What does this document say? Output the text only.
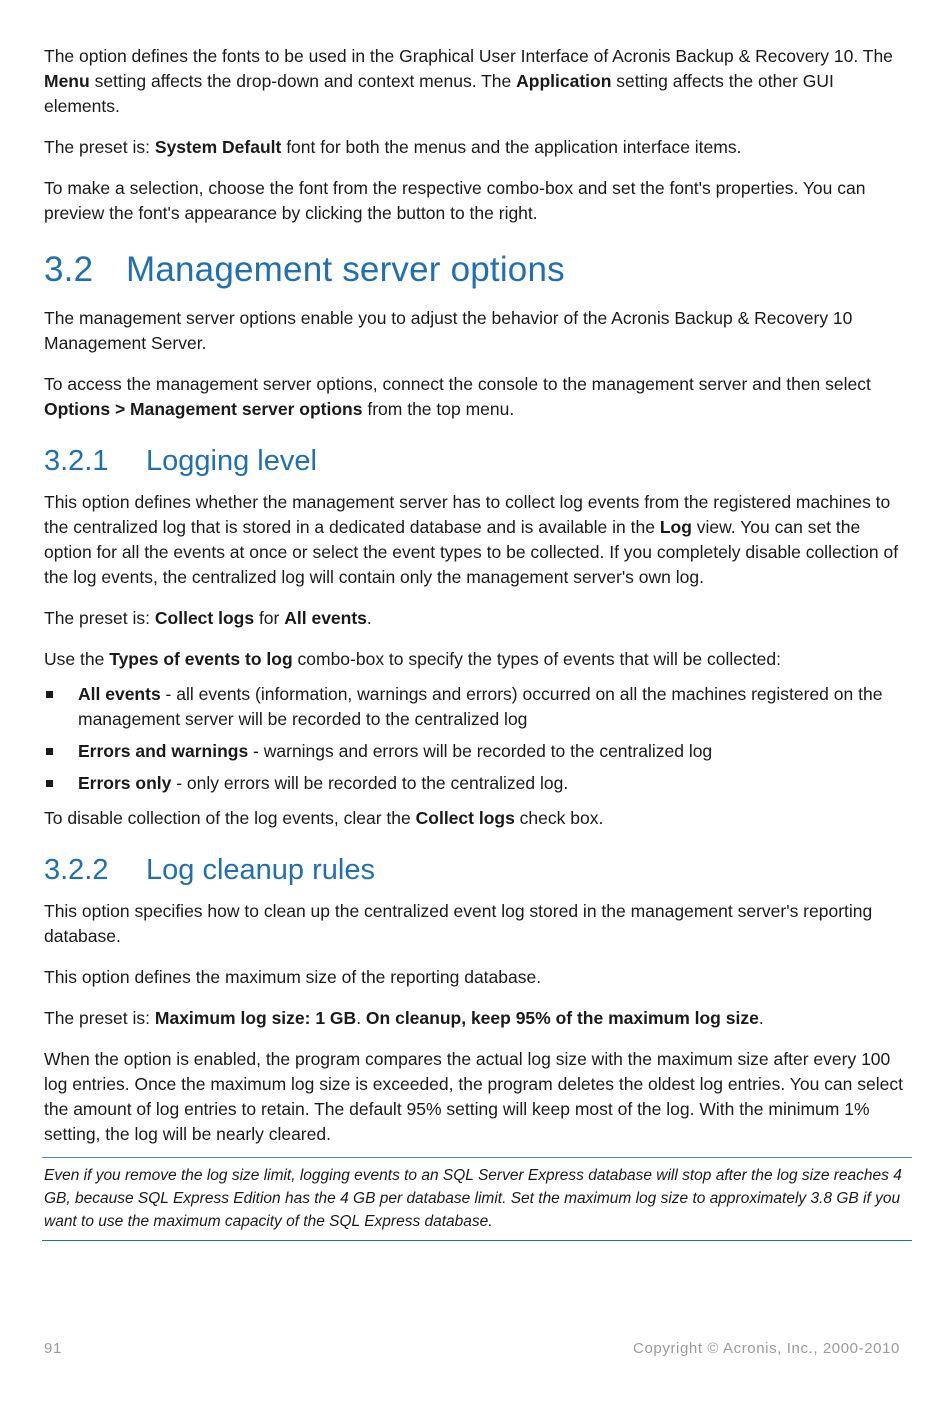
The option defines the fonts to be used in the Graphical User Interface of Acronis Backup & Recovery 10. The Menu setting affects the drop-down and context menus. The Application setting affects the other GUI elements.

The preset is: System Default font for both the menus and the application interface items.

To make a selection, choose the font from the respective combo-box and set the font's properties. You can preview the font's appearance by clicking the button to the right.

3.2 Management server options

The management server options enable you to adjust the behavior of the Acronis Backup & Recovery 10 Management Server.

To access the management server options, connect the console to the management server and then select Options > Management server options from the top menu.

3.2.1 Logging level

This option defines whether the management server has to collect log events from the registered machines to the centralized log that is stored in a dedicated database and is available in the Log view. You can set the option for all the events at once or select the event types to be collected. If you completely disable collection of the log events, the centralized log will contain only the management server's own log.

The preset is: Collect logs for All events.

Use the Types of events to log combo-box to specify the types of events that will be collected:

All events - all events (information, warnings and errors) occurred on all the machines registered on the management server will be recorded to the centralized log
Errors and warnings - warnings and errors will be recorded to the centralized log
Errors only - only errors will be recorded to the centralized log.

To disable collection of the log events, clear the Collect logs check box.

3.2.2 Log cleanup rules

This option specifies how to clean up the centralized event log stored in the management server's reporting database.

This option defines the maximum size of the reporting database.

The preset is: Maximum log size: 1 GB. On cleanup, keep 95% of the maximum log size.

When the option is enabled, the program compares the actual log size with the maximum size after every 100 log entries. Once the maximum log size is exceeded, the program deletes the oldest log entries. You can select the amount of log entries to retain. The default 95% setting will keep most of the log. With the minimum 1% setting, the log will be nearly cleared.

Even if you remove the log size limit, logging events to an SQL Server Express database will stop after the log size reaches 4 GB, because SQL Express Edition has the 4 GB per database limit. Set the maximum log size to approximately 3.8 GB if you want to use the maximum capacity of the SQL Express database.

91	Copyright © Acronis, Inc., 2000-2010
